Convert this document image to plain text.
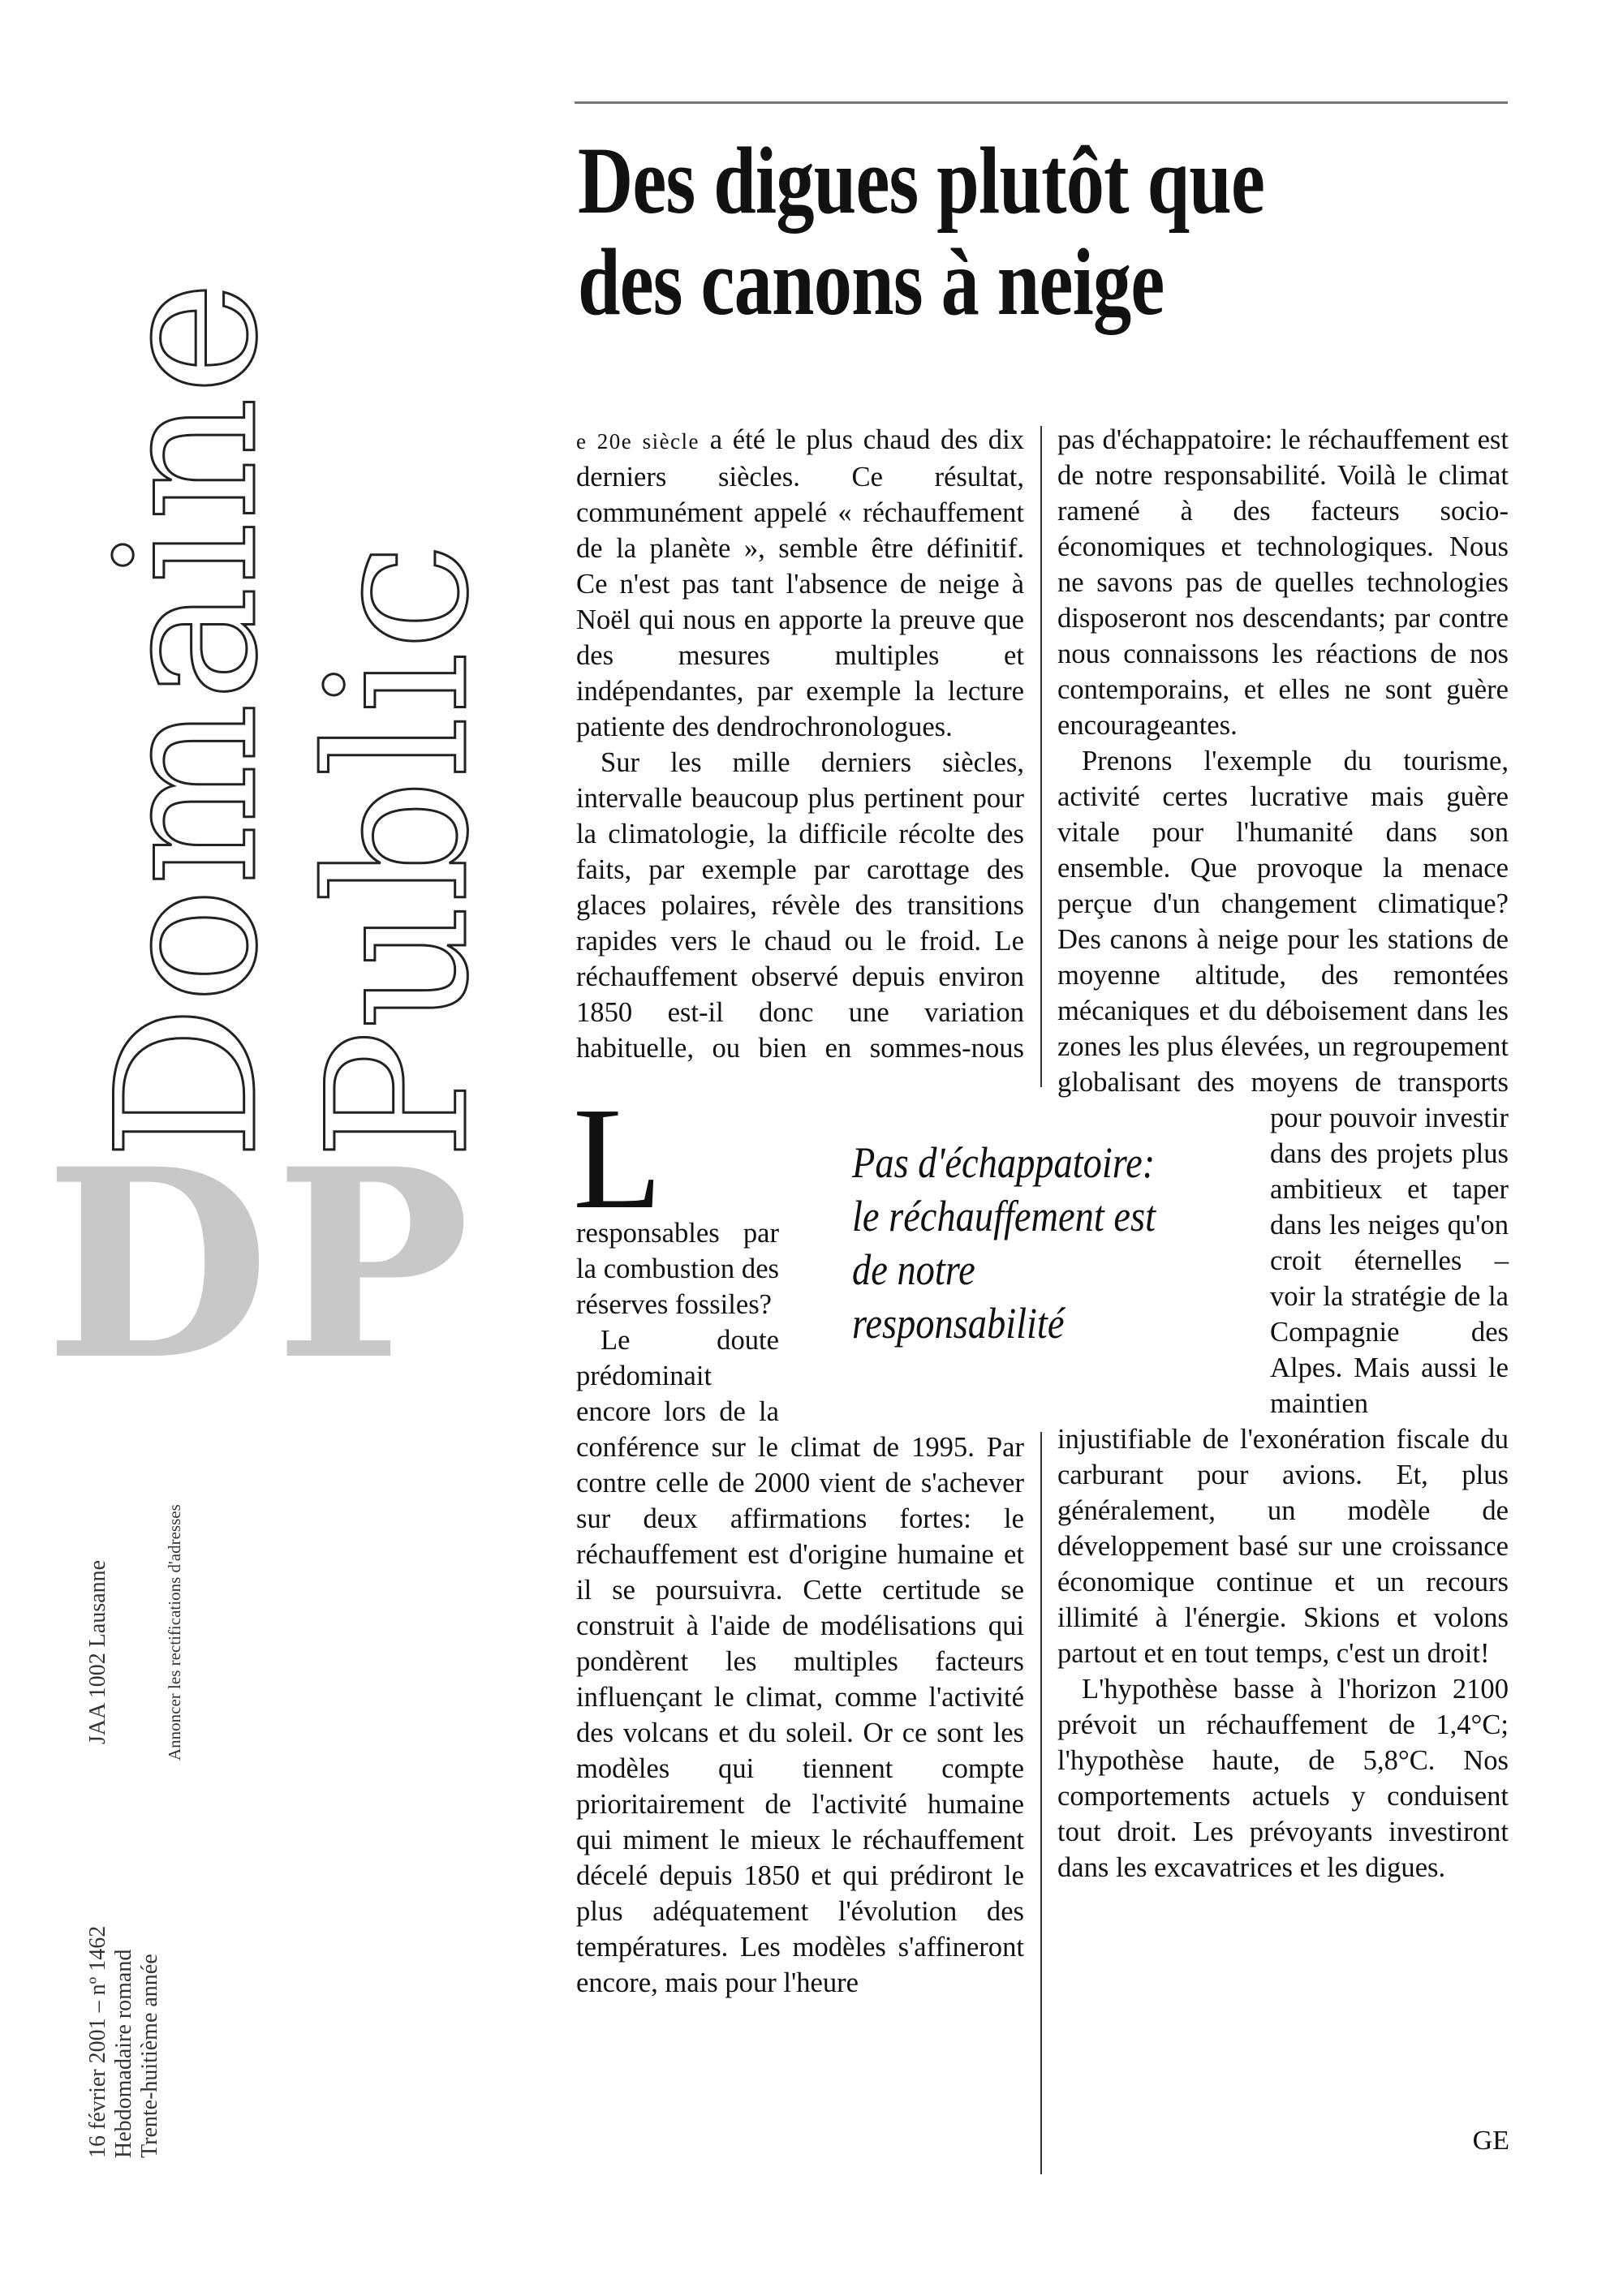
Domaine
Public
DP
16 février 2001 – nº 1462 Hebdomadaire romand Trente-huitième année
JAA 1002 Lausanne	Annoncer les rectifications d'adresses
Des digues plutôt que
des canons à neige

L
e 20e siècle a été le plus chaud des dix derniers siècles. Ce résultat, communément appelé « réchauffement de la planète », semble être définitif. Ce n'est pas tant l'absence de neige à Noël qui nous en apporte la preuve que des mesures multiples et indépendantes, par exemple la lecture patiente des dendrochronologues.

Sur les mille derniers siècles, intervalle beaucoup plus pertinent pour la climatologie, la difficile récolte des faits, par exemple par carottage des glaces polaires, révèle des transitions rapides vers le chaud ou le froid. Le réchauffement observé depuis environ 1850 est-il donc une variation habituelle, ou bien en sommes-nous responsables par la combustion des réserves fossiles?

Le doute prédominait encore lors de la conférence sur le climat de 1995. Par contre celle de 2000 vient de s'achever sur deux affirmations fortes: le réchauffement est d'origine humaine et il se poursuivra. Cette certitude se construit à l'aide de modélisations qui pondèrent les multiples facteurs influençant le climat, comme l'activité des volcans et du soleil. Or ce sont les modèles qui tiennent compte prioritairement de l'activité humaine qui miment le mieux le réchauffement décelé depuis 1850 et qui prédiront le plus adéquatement l'évolution des températures. Les modèles s'affineront encore, mais pour l'heure

pas d'échappatoire: le réchauffement est de notre responsabilité. Voilà le climat ramené à des facteurs socio-économiques et technologiques. Nous ne savons pas de quelles technologies disposeront nos descendants; par contre nous connaissons les réactions de nos contemporains, et elles ne sont guère encourageantes.

Prenons l'exemple du tourisme, activité certes lucrative mais guère vitale pour l'humanité dans son ensemble. Que provoque la menace perçue d'un changement climatique? Des canons à neige pour les stations de moyenne altitude, des remontées mécaniques et du déboisement dans les zones les plus élevées, un regroupement globalisant des moyens de transports pour pouvoir investir dans des projets plus ambitieux et taper dans les neiges qu'on croit éternelles – voir la stratégie de la Compagnie des Alpes. Mais aussi le maintien injustifiable de l'exonération fiscale du carburant pour avions. Et, plus généralement, un modèle de développement basé sur une croissance économique continue et un recours illimité à l'énergie. Skions et volons partout et en tout temps, c'est un droit!

L'hypothèse basse à l'horizon 2100 prévoit un réchauffement de 1,4°C; l'hypothèse haute, de 5,8°C. Nos comportements actuels y conduisent tout droit. Les prévoyants investiront dans les excavatrices et les digues.

Pas d'échappatoire: le réchauffement est de notre responsabilité
GE
